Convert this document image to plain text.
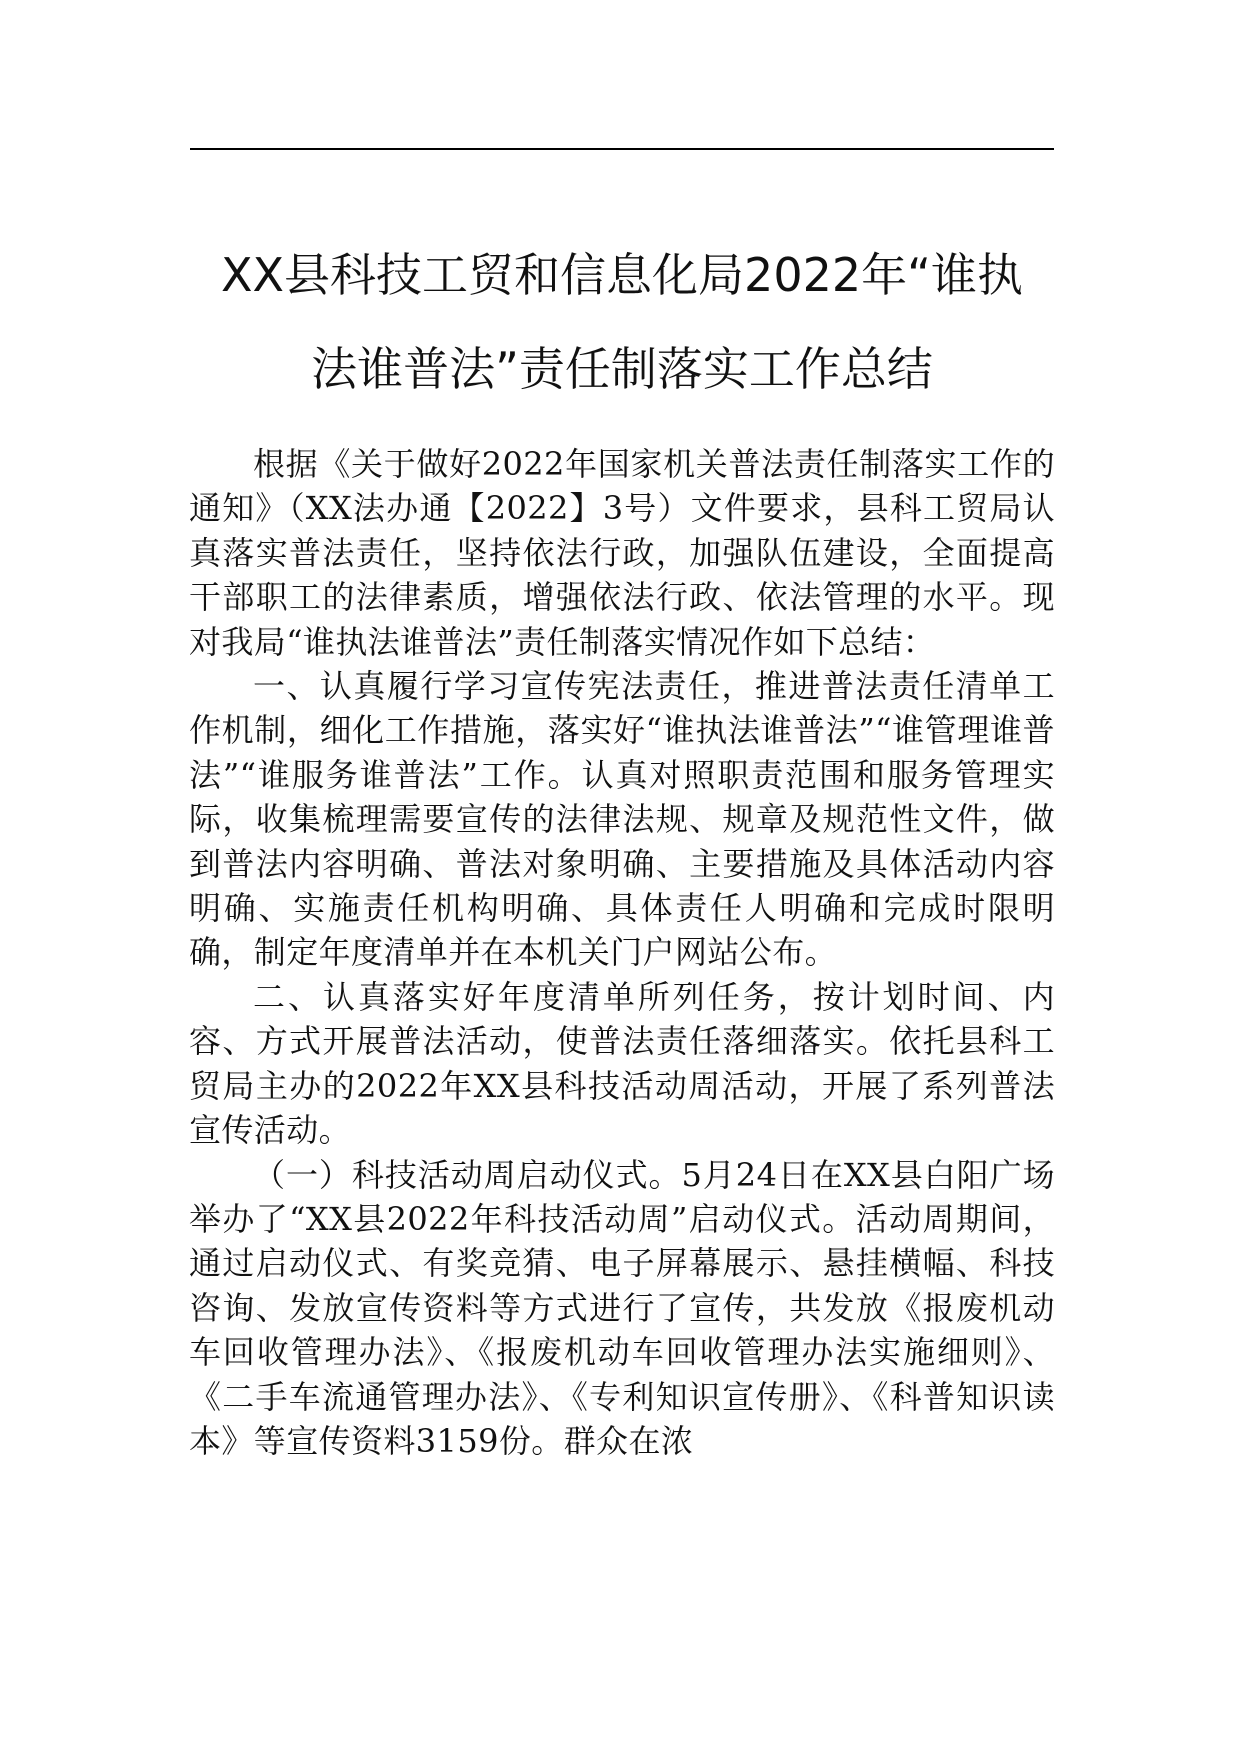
XX县科技工贸和信息化局2022年“谁执
法谁普法”责任制落实工作总结

根据《关于做好2022年国家机关普法责任制落实工作的通知》（XX法办通【2022】3号）文件要求，县科工贸局认真落实普法责任，坚持依法行政，加强队伍建设，全面提高干部职工的法律素质，增强依法行政、依法管理的水平。现对我局“谁执法谁普法”责任制落实情况作如下总结：

一、认真履行学习宣传宪法责任，推进普法责任清单工作机制，细化工作措施，落实好“谁执法谁普法”“谁管理谁普法”“谁服务谁普法”工作。认真对照职责范围和服务管理实际，收集梳理需要宣传的法律法规、规章及规范性文件，做到普法内容明确、普法对象明确、主要措施及具体活动内容明确、实施责任机构明确、具体责任人明确和完成时限明确，制定年度清单并在本机关门户网站公布。

二、认真落实好年度清单所列任务，按计划时间、内容、方式开展普法活动，使普法责任落细落实。依托县科工贸局主办的2022年XX县科技活动周活动，开展了系列普法宣传活动。

（一）科技活动周启动仪式。5月24日在XX县白阳广场举办了“XX县2022年科技活动周”启动仪式。活动周期间，通过启动仪式、有奖竞猜、电子屏幕展示、悬挂横幅、科技咨询、发放宣传资料等方式进行了宣传，共发放《报废机动车回收管理办法》、《报废机动车回收管理办法实施细则》、《二手车流通管理办法》、《专利知识宣传册》、《科普知识读本》等宣传资料3159份。群众在浓
